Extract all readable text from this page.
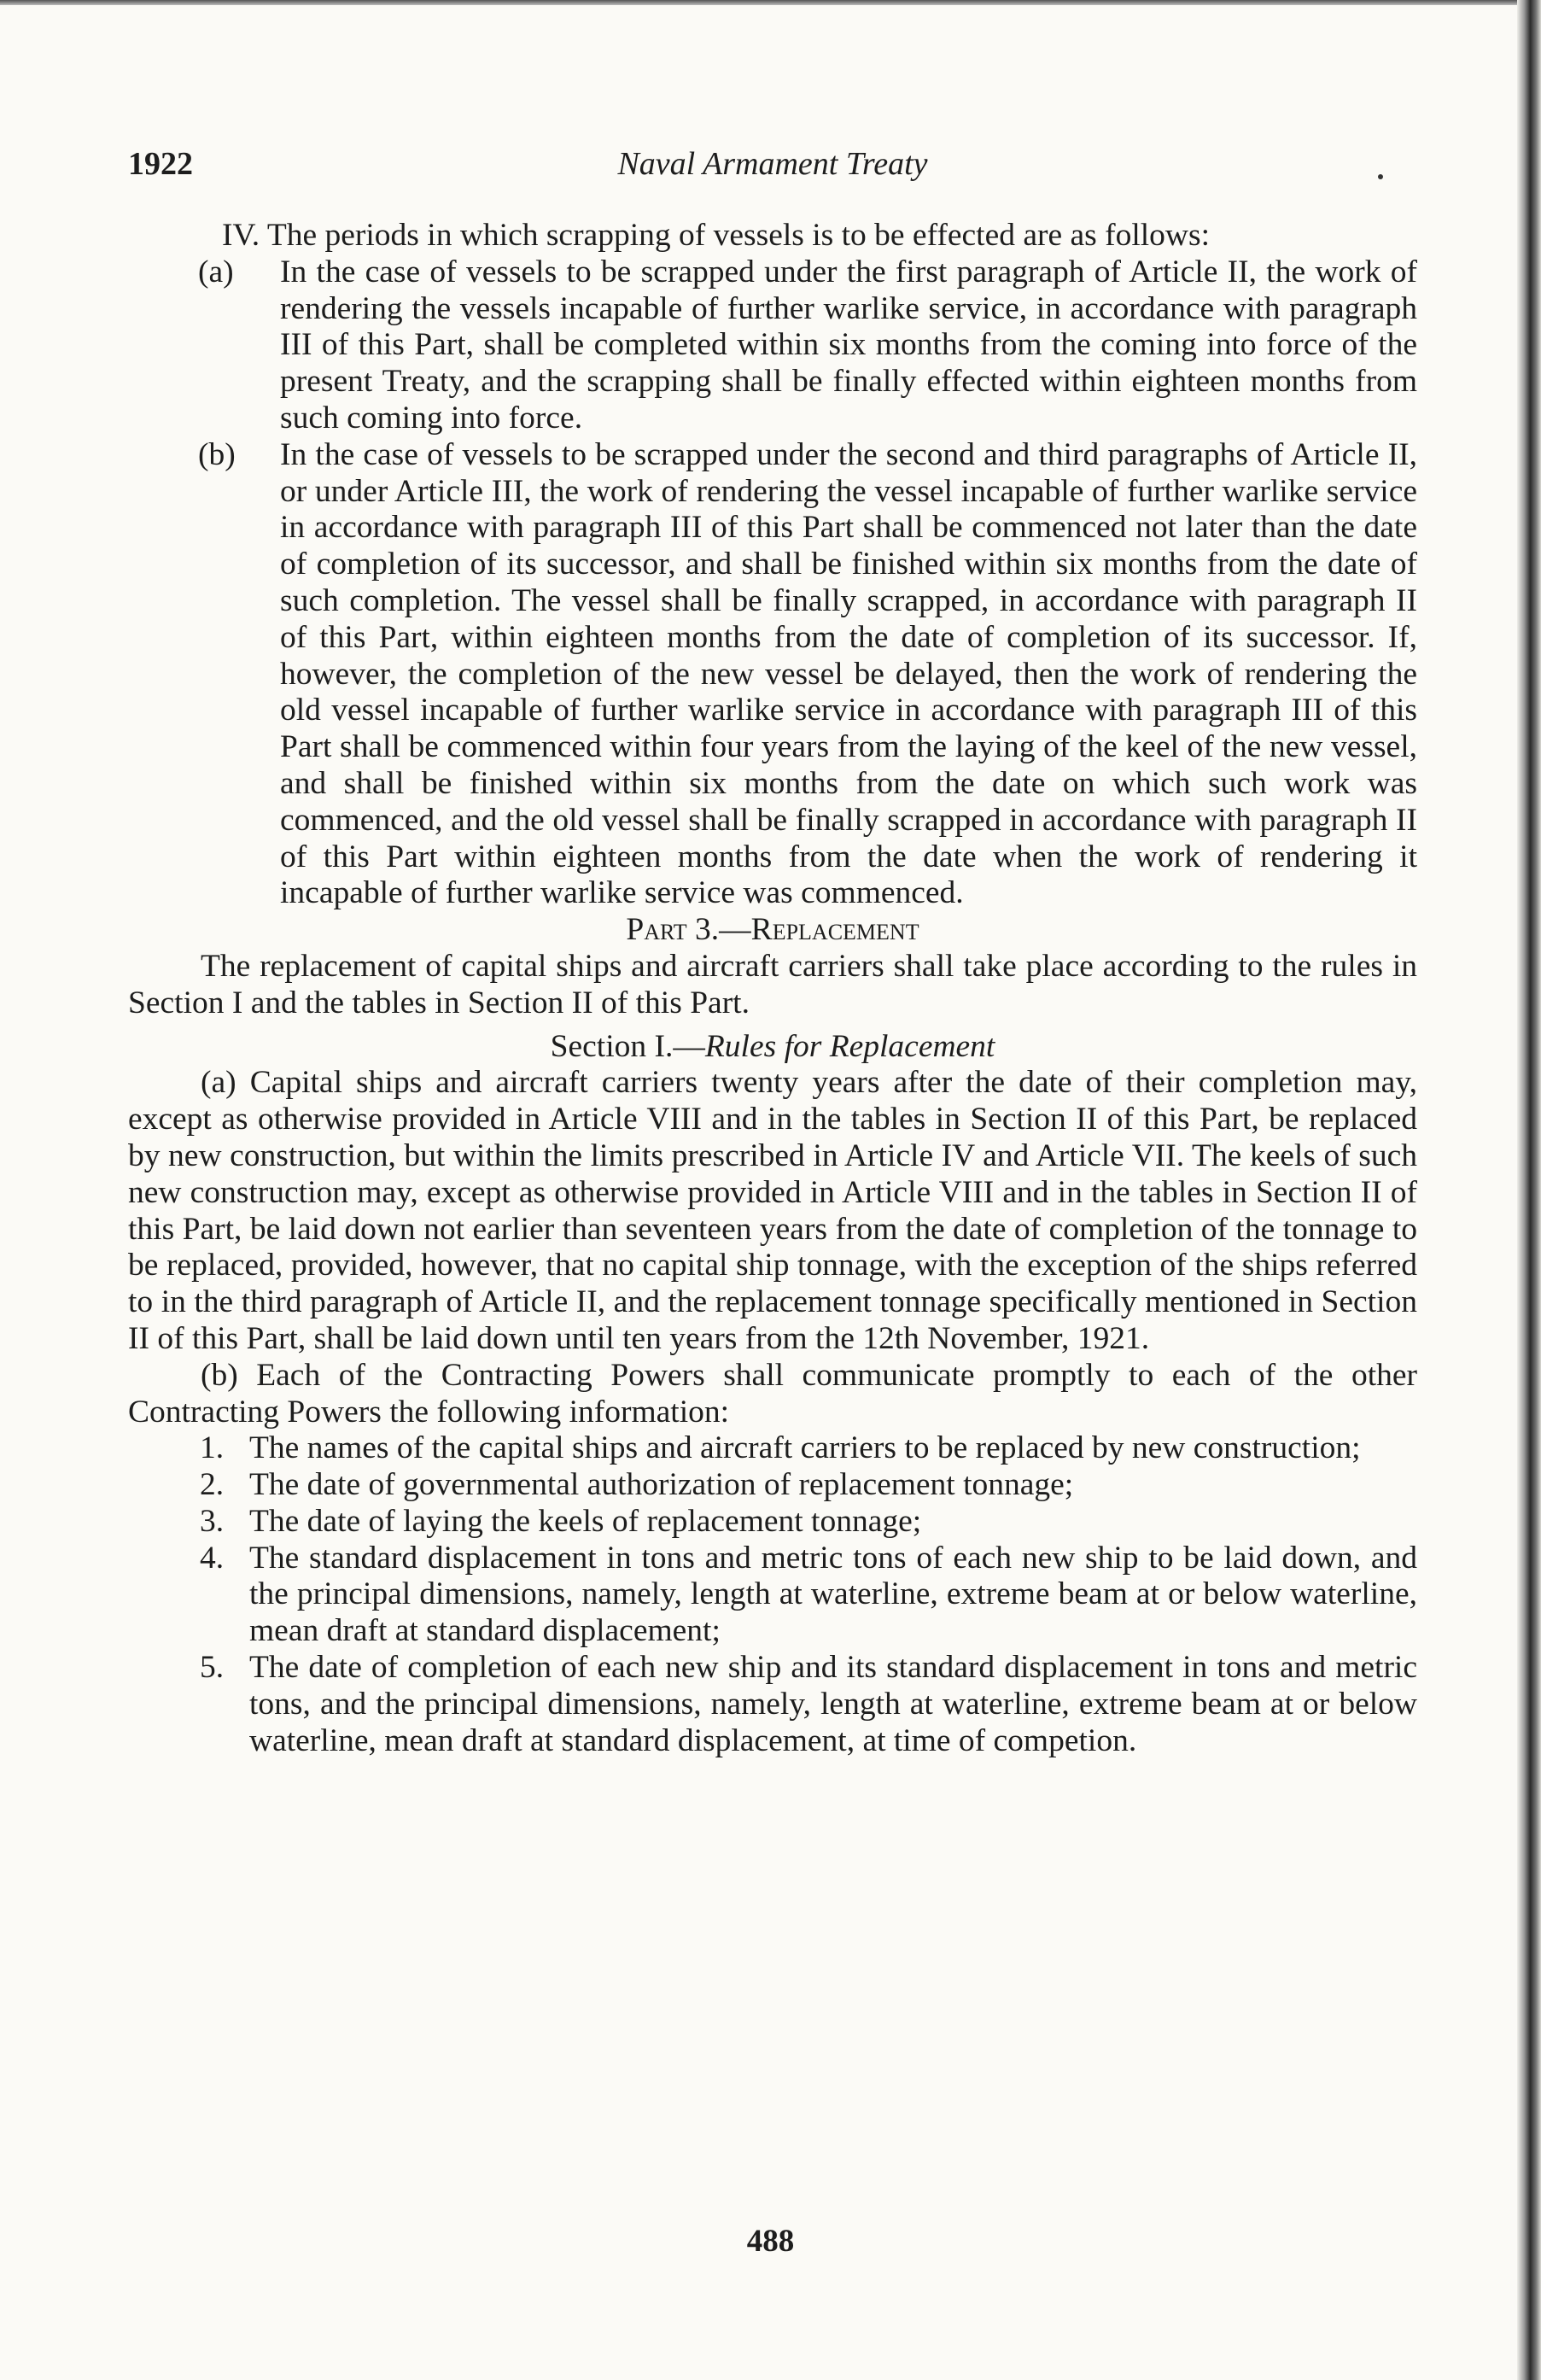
1922	Naval Armament Treaty

IV. The periods in which scrapping of vessels is to be effected are as follows:

(a) In the case of vessels to be scrapped under the first paragraph of Article II, the work of rendering the vessels incapable of further warlike service, in accordance with paragraph III of this Part, shall be completed within six months from the coming into force of the present Treaty, and the scrapping shall be finally effected within eighteen months from such coming into force.

(b) In the case of vessels to be scrapped under the second and third paragraphs of Article II, or under Article III, the work of rendering the vessel incapable of further warlike service in accordance with paragraph III of this Part shall be commenced not later than the date of completion of its successor, and shall be finished within six months from the date of such completion. The vessel shall be finally scrapped, in accordance with paragraph II of this Part, within eighteen months from the date of completion of its successor. If, however, the completion of the new vessel be delayed, then the work of rendering the old vessel incapable of further warlike service in accordance with paragraph III of this Part shall be commenced within four years from the laying of the keel of the new vessel, and shall be finished within six months from the date on which such work was commenced, and the old vessel shall be finally scrapped in accordance with paragraph II of this Part within eighteen months from the date when the work of rendering it incapable of further warlike service was commenced.

Part 3.—Replacement

The replacement of capital ships and aircraft carriers shall take place according to the rules in Section I and the tables in Section II of this Part.

Section I.—Rules for Replacement

(a) Capital ships and aircraft carriers twenty years after the date of their completion may, except as otherwise provided in Article VIII and in the tables in Section II of this Part, be replaced by new construction, but within the limits prescribed in Article IV and Article VII. The keels of such new construction may, except as otherwise provided in Article VIII and in the tables in Section II of this Part, be laid down not earlier than seventeen years from the date of completion of the tonnage to be replaced, provided, however, that no capital ship tonnage, with the exception of the ships referred to in the third paragraph of Article II, and the replacement tonnage specifically mentioned in Section II of this Part, shall be laid down until ten years from the 12th November, 1921.

(b) Each of the Contracting Powers shall communicate promptly to each of the other Contracting Powers the following information:

1. The names of the capital ships and aircraft carriers to be replaced by new construction;

2. The date of governmental authorization of replacement tonnage;

3. The date of laying the keels of replacement tonnage;

4. The standard displacement in tons and metric tons of each new ship to be laid down, and the principal dimensions, namely, length at waterline, extreme beam at or below waterline, mean draft at standard displacement;

5. The date of completion of each new ship and its standard displacement in tons and metric tons, and the principal dimensions, namely, length at waterline, extreme beam at or below waterline, mean draft at standard displacement, at time of competion.

488
